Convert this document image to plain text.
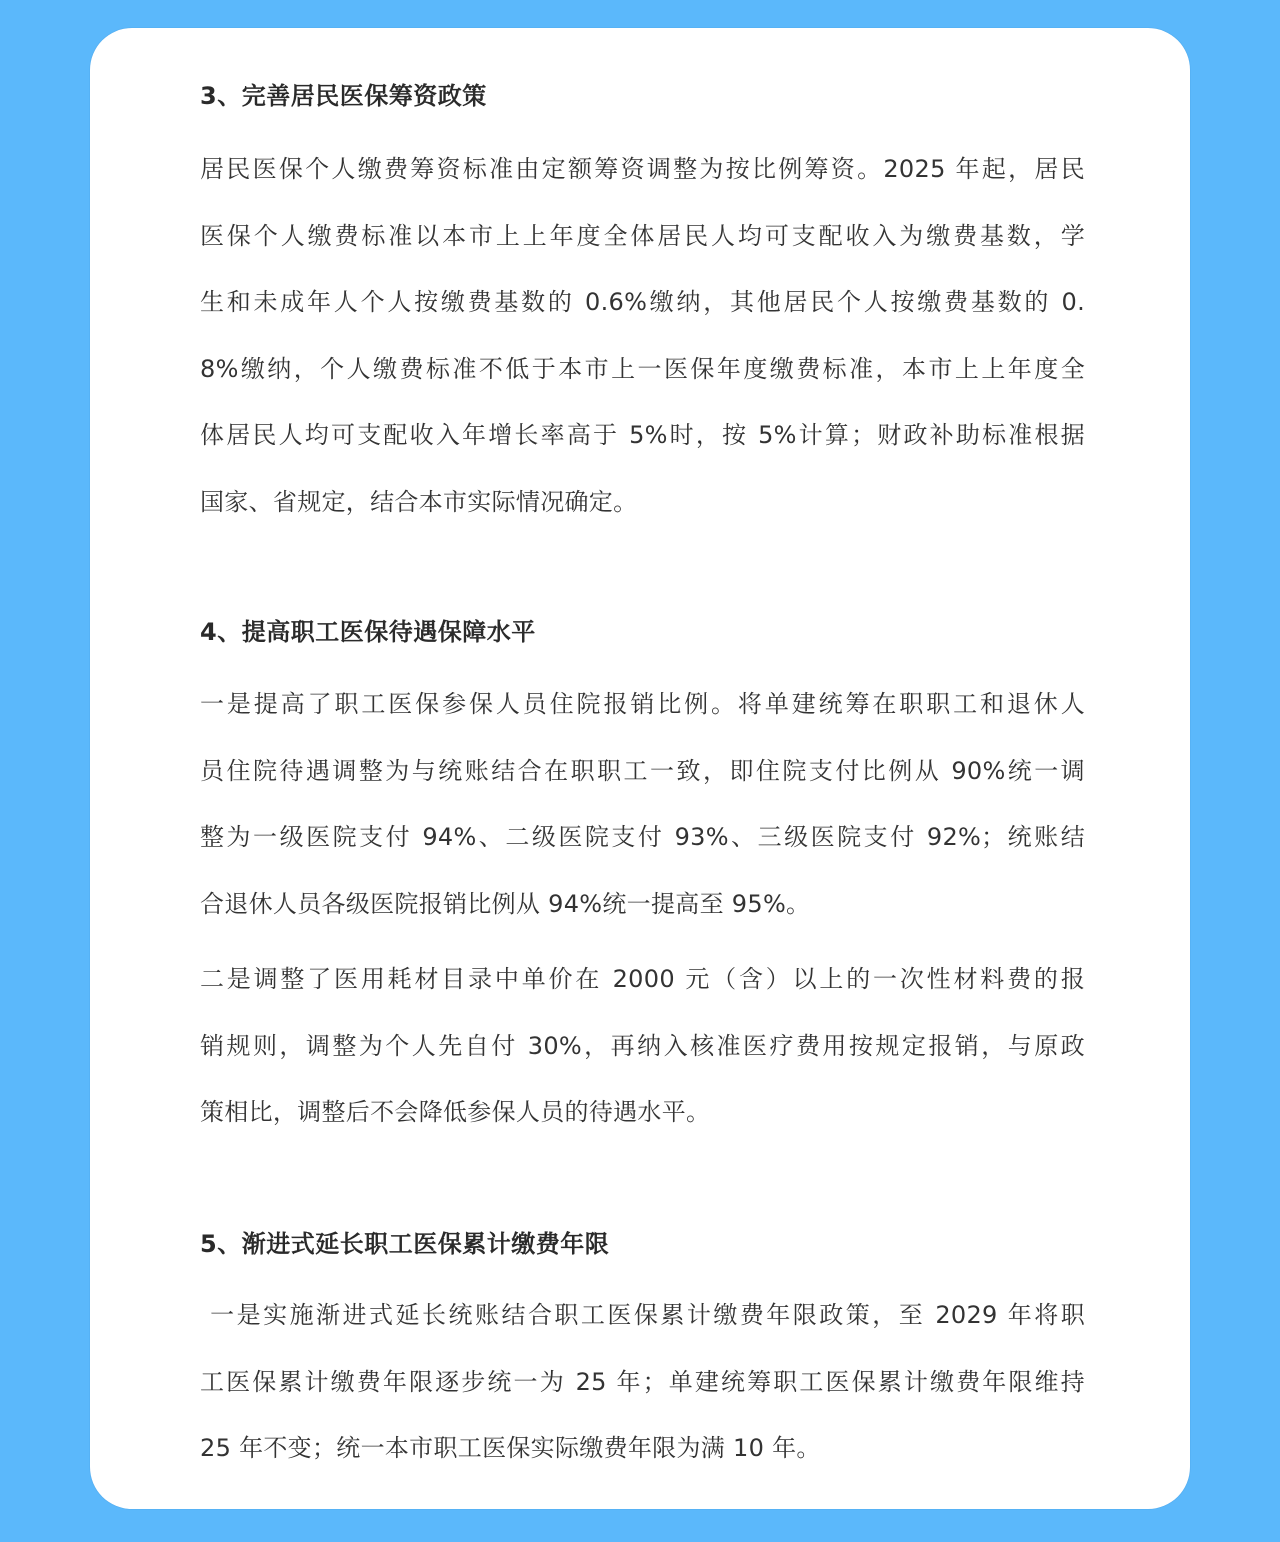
3、完善居民医保筹资政策
居民医保个人缴费筹资标准由定额筹资调整为按比例筹资。2025 年起，居民
医保个人缴费标准以本市上上年度全体居民人均可支配收入为缴费基数，学
生和未成年人个人按缴费基数的 0.6%缴纳，其他居民个人按缴费基数的 0.
8%缴纳，个人缴费标准不低于本市上一医保年度缴费标准，本市上上年度全
体居民人均可支配收入年增长率高于 5%时，按 5%计算；财政补助标准根据
国家、省规定，结合本市实际情况确定。
4、提高职工医保待遇保障水平
一是提高了职工医保参保人员住院报销比例。将单建统筹在职职工和退休人
员住院待遇调整为与统账结合在职职工一致，即住院支付比例从 90%统一调
整为一级医院支付 94%、二级医院支付 93%、三级医院支付 92%；统账结
合退休人员各级医院报销比例从 94%统一提高至 95%。
二是调整了医用耗材目录中单价在 2000 元（含）以上的一次性材料费的报
销规则，调整为个人先自付 30%，再纳入核准医疗费用按规定报销，与原政
策相比，调整后不会降低参保人员的待遇水平。
5、渐进式延长职工医保累计缴费年限
一是实施渐进式延长统账结合职工医保累计缴费年限政策，至 2029 年将职
工医保累计缴费年限逐步统一为 25 年；单建统筹职工医保累计缴费年限维持
25 年不变；统一本市职工医保实际缴费年限为满 10 年。
